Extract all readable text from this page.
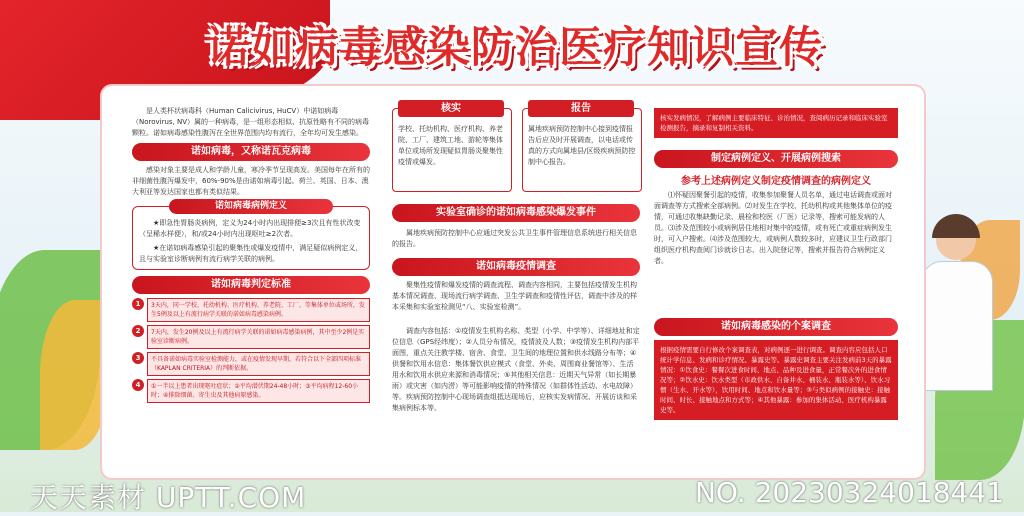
诺如病毒感染防治医疗知识宣传

是人类杯状病毒科（Human Calicivirus, HuCV）中诺如病毒（Norovirus, NV）属的一种病毒，是一组形态相似、抗原性略有不同的病毒颗粒。诺如病毒感染性腹泻在全世界范围内均有流行，全年均可发生感染。

诺如病毒，又称诺瓦克病毒

感染对象主要是成人和学龄儿童，寒冷季节呈现高发。美国每年在所有的非细菌性腹泻爆发中，60%-90%是由诺如病毒引起。荷兰、英国、日本、澳大利亚等发达国家也都有类似结果。

诺如病毒病例定义

★即急性胃肠炎病例，定义为24小时内出现排便≥3次且有性状改变（呈稀水样便），和/或24小时内出现呕吐≥2次者。

★在诺如病毒感染引起的聚集性或爆发疫情中，满足疑似病例定义，且与实验室诊断病例有流行病学关联的病例。

诺如病毒判定标准
1	3天内，同一学校、托幼机构、医疗机构、养老院、工厂、等集体单位或场所，发生5例及以上有流行病学关联的诺如病毒感染病例。
2	7天内，发生20例及以上有流行病学关联的诺如病毒感染病例，其中至少2例是实验室诊断病例。
3	不具备诺如病毒实验室检测能力，或在疫情发现早期，若符合以下全部四项标准（KAPLAN CRITERIA）的判断依据。
4	①一半以上患者出现呕吐症状；②平均潜伏期24-48小时；③平均病程12-60小时；④排除细菌、寄生虫及其他病原感染。
核实

学校、托幼机构、医疗机构、养老院、工厂、建筑工地、游轮等集体单位或场所发现疑似胃肠炎聚集性疫情或爆发。

报告

属地疾病预防控制中心接到疫情报告后应及时开展调查，以电话或传真的方式向属地县/区级疾病预防控制中心报告。

实验室确诊的诺如病毒感染爆发事件

属地疾病预防控制中心应通过突发公共卫生事件管理信息系统进行相关信息的报告。

诺如病毒疫情调查

聚集性疫情和爆发疫情的调查流程、调查内容相同，主要包括疫情发生机构基本情况调查、现场流行病学调查、卫生学调查和疫情性评估，调查中涉及的样本采集和实验室检测见“八、实验室检测”。

调查内容包括：①疫情发生机构名称、类型（小学、中学等）、详细地址和定位信息（GPS经纬度）；②人员分布情况，疫情波及人数；③疫情发生机构内部平面图，重点关注教学楼、宿舍、食堂、卫生间的地理位置和供水线路分布等；④供餐和饮用水信息：集体餐饮供应模式（食堂、外卖、周围商业餐馆等）、生活用水和饮用水供应来源和消毒情况；⑤其他相关信息：近期天气异常（如长期暴雨）或灾害（如内涝）等可能影响疫情的特殊情况（如群体性活动、水电故障）等。疾病预防控制中心现场调查组抵达现场后，应核实发病情况、开展访谈和采集病例标本等。

核实发病情况，了解病例主要临床特征、诊治情况，查阅病历记录和临床实验室检测报告，摘录和复制相关资料。
制定病例定义、开展病例搜索
参考上述病例定义制定疫情调查的病例定义

⑴怀疑因聚餐引起的疫情，收集参加聚餐人员名单，通过电话调查或面对面调查等方式搜索全部病例。⑵对发生在学校、托幼机构或其他集体单位的疫情，可通过收集缺勤记录、晨检和校医（厂医）记录等，搜索可能发病的人员。⑶涉及范围较小或病例居住地相对集中的疫情，或有死亡或重症病例发生时，可入户搜索。⑷涉及范围较大，或病例人数较多时，应建议卫生行政部门组织医疗机构查阅门诊就诊日志、出入院登记等，搜索并报告符合病例定义者。

诺如病毒感染的个案调查
根据疫情需要自行修改个案调查表，对病例逐一进行调查。调查内容应包括人口统计学信息、发病和诊疗情况、暴露史等。暴露史调查主要关注发病前3天的暴露情况：①饮食史：餐餐次进食时间、地点、品种及进食量，正常餐次外的进食情况等；②饮水史：饮水类型（市政供水、自备井水、桶装水、瓶装水等）、饮水习惯（生水、开水等），饮用时间、地点和饮水量等；③与类似病例的接触史：接触时间、时长、接触地点和方式等；④其他暴露：参加的集体活动、医疗机构暴露史等。
天天素材 UPTT.COM	NO. 20230324018441
